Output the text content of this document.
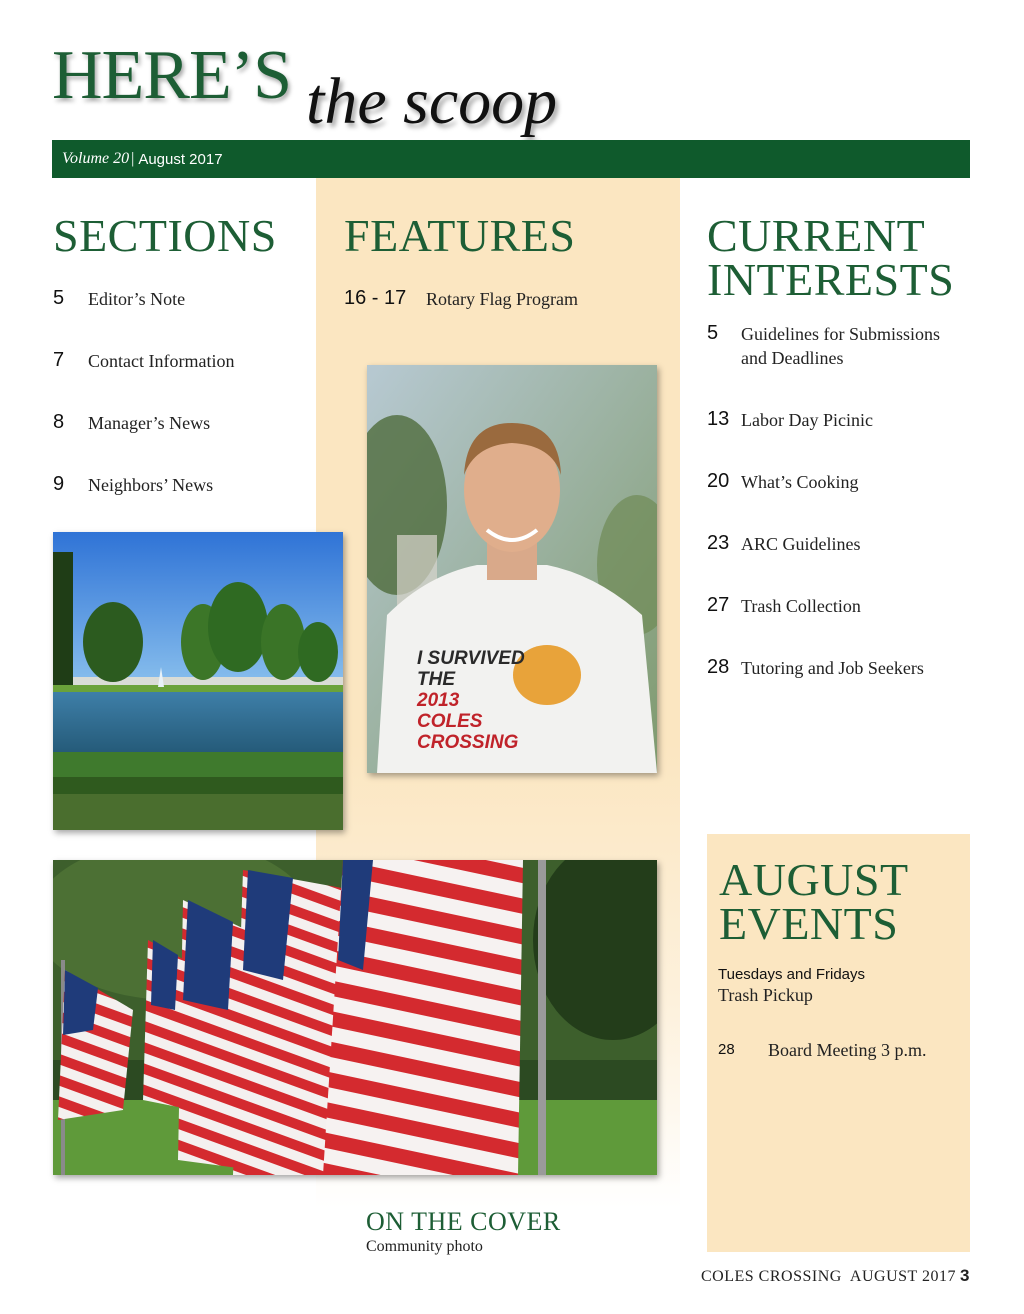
HERE’S the scoop
Volume 20 | August 2017
SECTIONS
5	Editor’s Note
7	Contact Information
8	Manager’s News
9	Neighbors’ News
FEATURES
16 - 17	Rotary Flag Program
I SURVIVED
THE
2013
COLES
CROSSING
CURRENT
INTERESTS
5	Guidelines for Submissions
and Deadlines
13 Labor Day Picinic
20 What’s Cooking
23 ARC Guidelines
27 Trash Collection
28 Tutoring and Job Seekers
ON THE COVER
Community photo
AUGUST
EVENTS
Tuesdays and Fridays
Trash Pickup
28	Board Meeting 3 p.m.
COLES CROSSING  AUGUST 2017 3
